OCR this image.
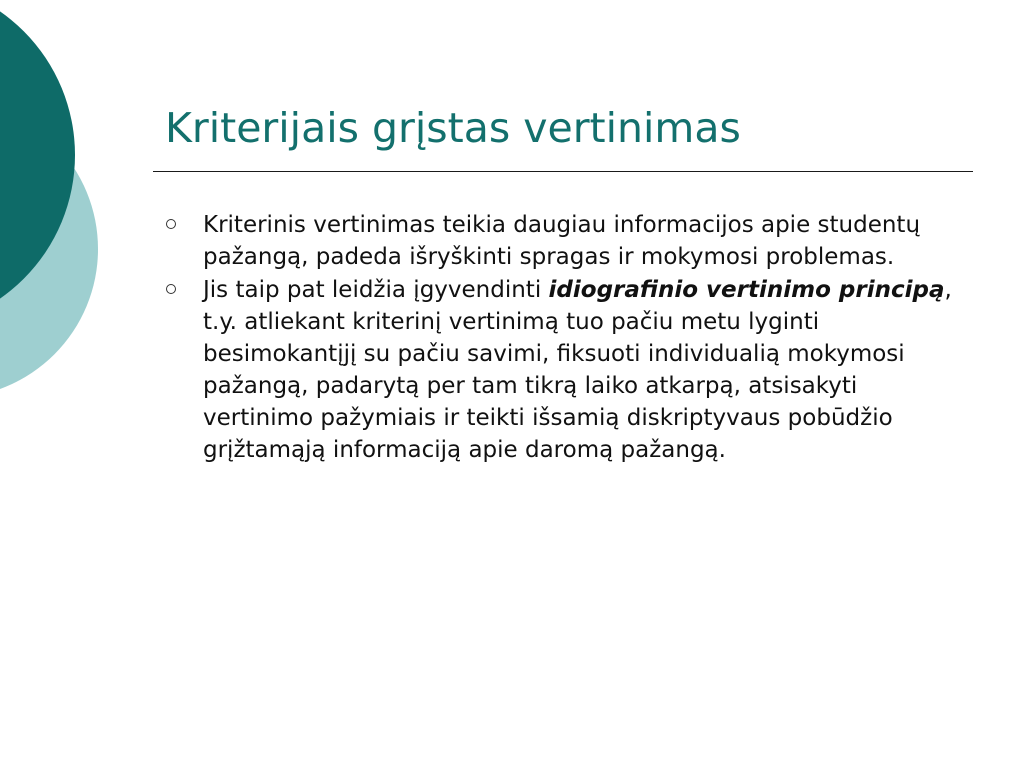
Kriterijais grįstas vertinimas
Kriterinis vertinimas teikia daugiau informacijos apie studentų pažangą, padeda išryškinti spragas ir mokymosi problemas.
Jis taip pat leidžia įgyvendinti idiografinio vertinimo principą, t.y. atliekant kriterinį vertinimą tuo pačiu metu lyginti besimokantįjį su pačiu savimi, fiksuoti individualią mokymosi pažangą, padarytą per tam tikrą laiko atkarpą, atsisakyti vertinimo pažymiais ir teikti išsamią diskriptyvaus pobūdžio grįžtamąją informaciją apie daromą pažangą.
